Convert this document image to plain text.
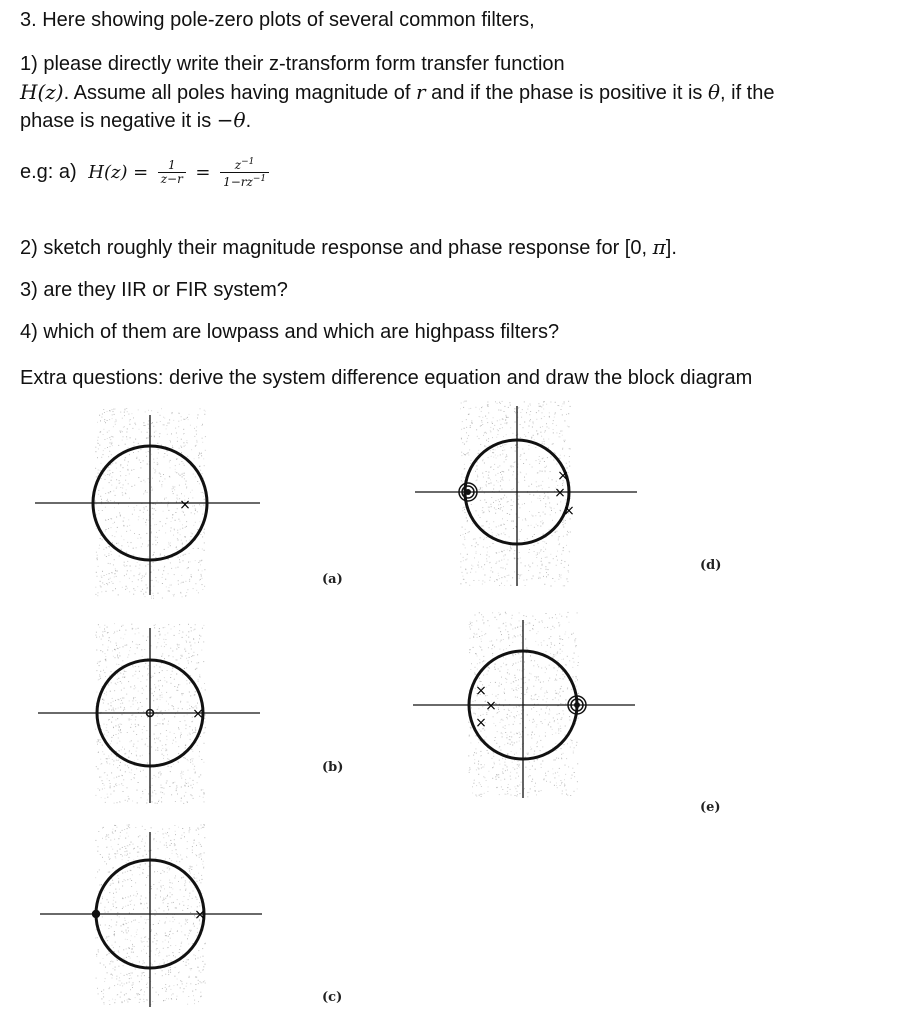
3. Here showing pole-zero plots of several common filters,
1) please directly write their z-transform form transfer function
H(z). Assume all poles having magnitude of r and if the phase is positive it is θ, if the
phase is negative it is −θ.
e.g: a) $H(z) = \frac{1}{z-r} = \frac{z^{-1}}{1-rz^{-1}}$
2) sketch roughly their magnitude response and phase response for [0, π].
3) are they IIR or FIR system?
4) which of them are lowpass and which are highpass filters?
Extra questions: derive the system difference equation and draw the block diagram
×
(a)
×
(b)
×
(c)
×
×
×
(d)
×
×
×
(e)
